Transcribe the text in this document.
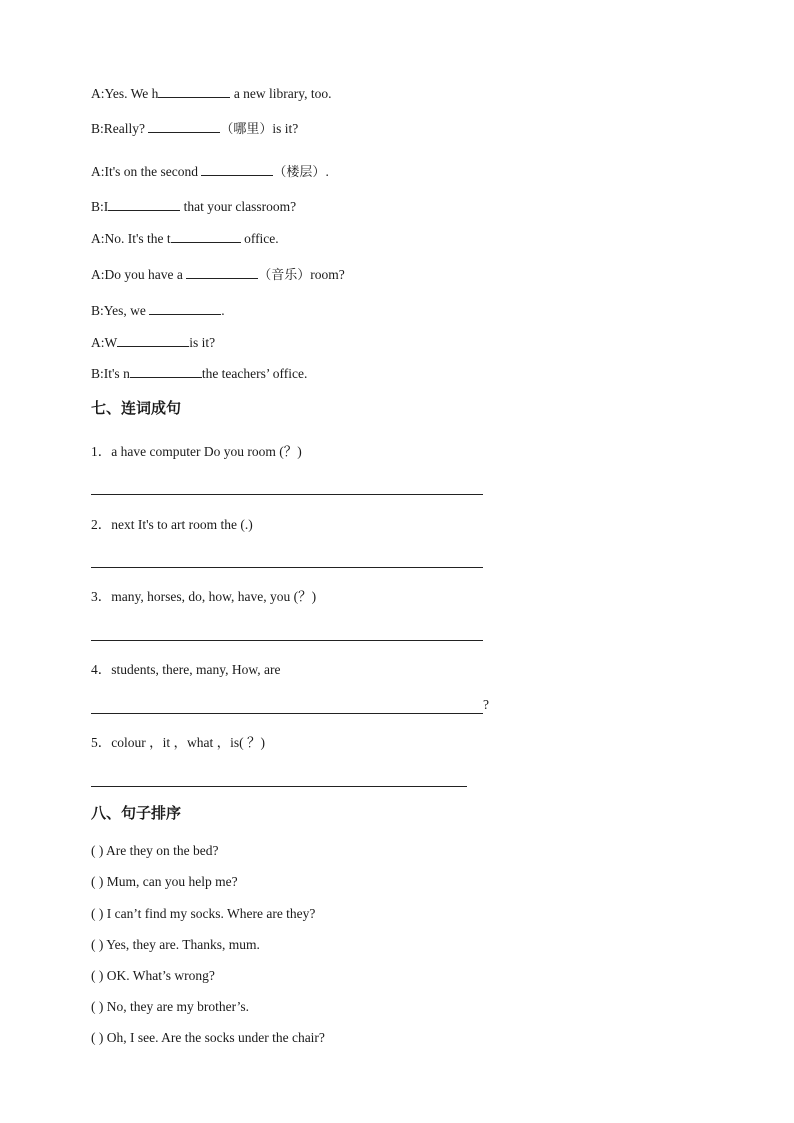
A:Yes. We h	a new library, too.
B:Really?	（哪里）is it?
A:It's on the second	（楼层）.
B:I	that your classroom?
A:No. It's the t	office.
A:Do you have a	（音乐）room?
B:Yes, we	.
A:W	is it?
B:It's n	the teachers’ office.
七、连词成句
1．a have computer Do you room (？)
2．next It's to art room the (.)
3．many, horses, do, how, have, you (？)
4．students, there, many, How, are
?
5．colour ，it ，what ，is( ？)
八、句子排序
( ) Are they on the bed?
( ) Mum, can you help me?
( ) I can’t find my socks. Where are they?
( ) Yes, they are. Thanks, mum.
( ) OK. What’s wrong?
( ) No, they are my brother’s.
( ) Oh, I see. Are the socks under the chair?
